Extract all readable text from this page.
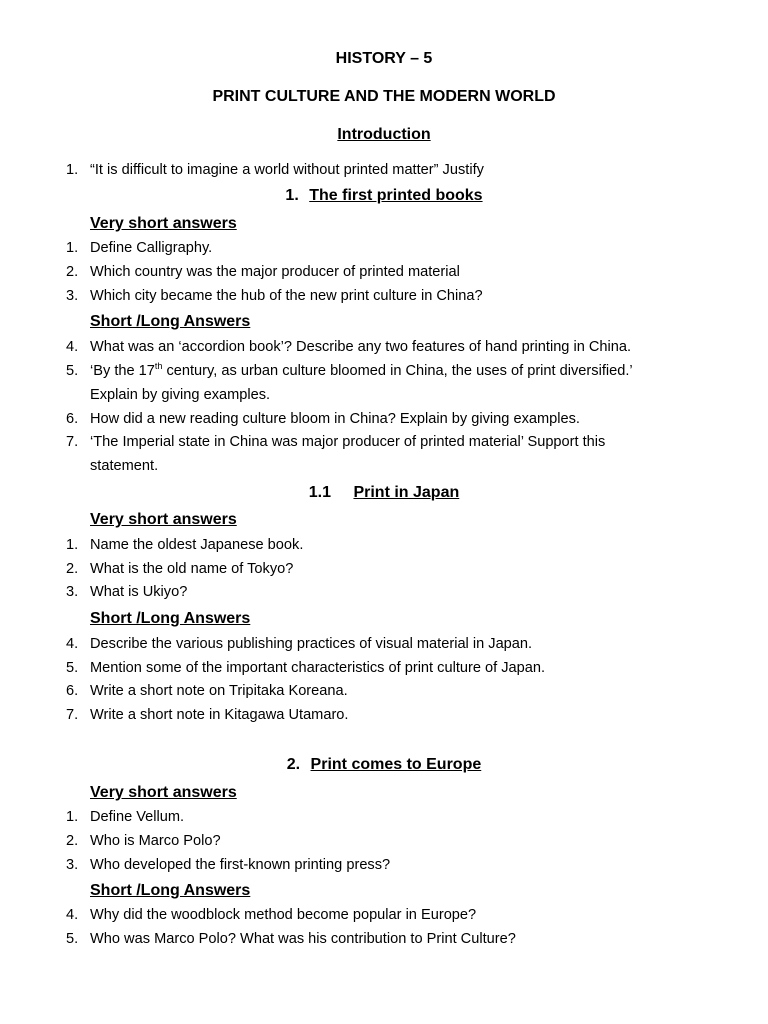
HISTORY – 5
PRINT CULTURE AND THE MODERN WORLD
Introduction
1. “It is difficult to imagine a world without printed matter” Justify
1. The first printed books
Very short answers
1. Define Calligraphy.
2. Which country was the major producer of printed material
3. Which city became the hub of the new print culture in China?
Short /Long Answers
4. What was an ‘accordion book’? Describe any two features of hand printing in China.
5. ‘By the 17th century, as urban culture bloomed in China, the uses of print diversified.’
Explain by giving examples.
6. How did a new reading culture bloom in China? Explain by giving examples.
7. ‘The Imperial state in China was major producer of printed material’ Support this
statement.
1.1 Print in Japan
Very short answers
1. Name the oldest Japanese book.
2. What is the old name of Tokyo?
3. What is Ukiyo?
Short /Long Answers
4. Describe the various publishing practices of visual material in Japan.
5. Mention some of the important characteristics of print culture of Japan.
6. Write a short note on Tripitaka Koreana.
7. Write a short note in Kitagawa Utamaro.
2. Print comes to Europe
Very short answers
1. Define Vellum.
2. Who is Marco Polo?
3. Who developed the first-known printing press?
Short /Long Answers
4. Why did the woodblock method become popular in Europe?
5. Who was Marco Polo? What was his contribution to Print Culture?
